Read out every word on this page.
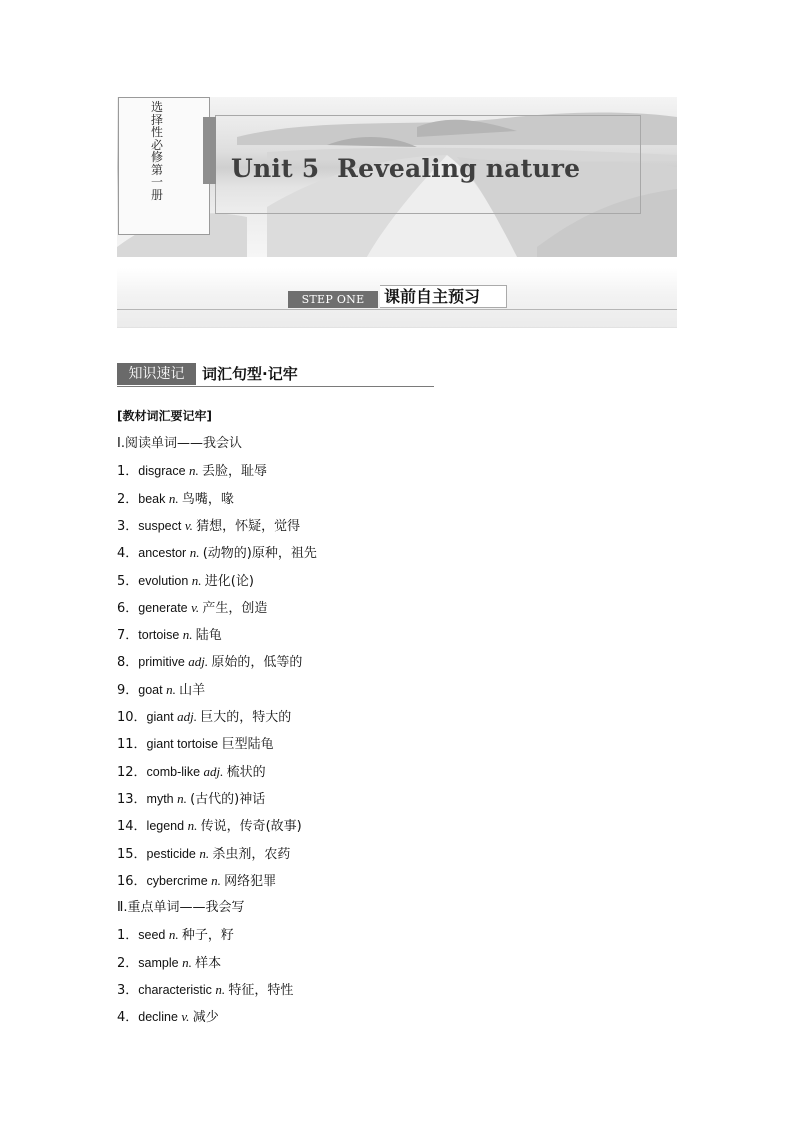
选择性必修第一册
Unit 5  Revealing nature
STEP ONE	课前自主预习
知识速记	词汇句型·记牢
[教材词汇要记牢]
Ⅰ.阅读单词——我会认
1．disgrace n. 丢脸，耻辱
2．beak n. 鸟嘴，喙
3．suspect v. 猜想，怀疑，觉得
4．ancestor n. (动物的)原种，祖先
5．evolution n. 进化(论)
6．generate v. 产生，创造
7．tortoise n. 陆龟
8．primitive adj. 原始的，低等的
9．goat n. 山羊
10．giant adj. 巨大的，特大的
11．giant tortoise 巨型陆龟
12．comb-like adj. 梳状的
13．myth n. (古代的)神话
14．legend n. 传说，传奇(故事)
15．pesticide n. 杀虫剂，农药
16．cybercrime n. 网络犯罪
Ⅱ.重点单词——我会写
1．seed n. 种子，籽
2．sample n. 样本
3．characteristic n. 特征，特性
4．decline v. 减少
